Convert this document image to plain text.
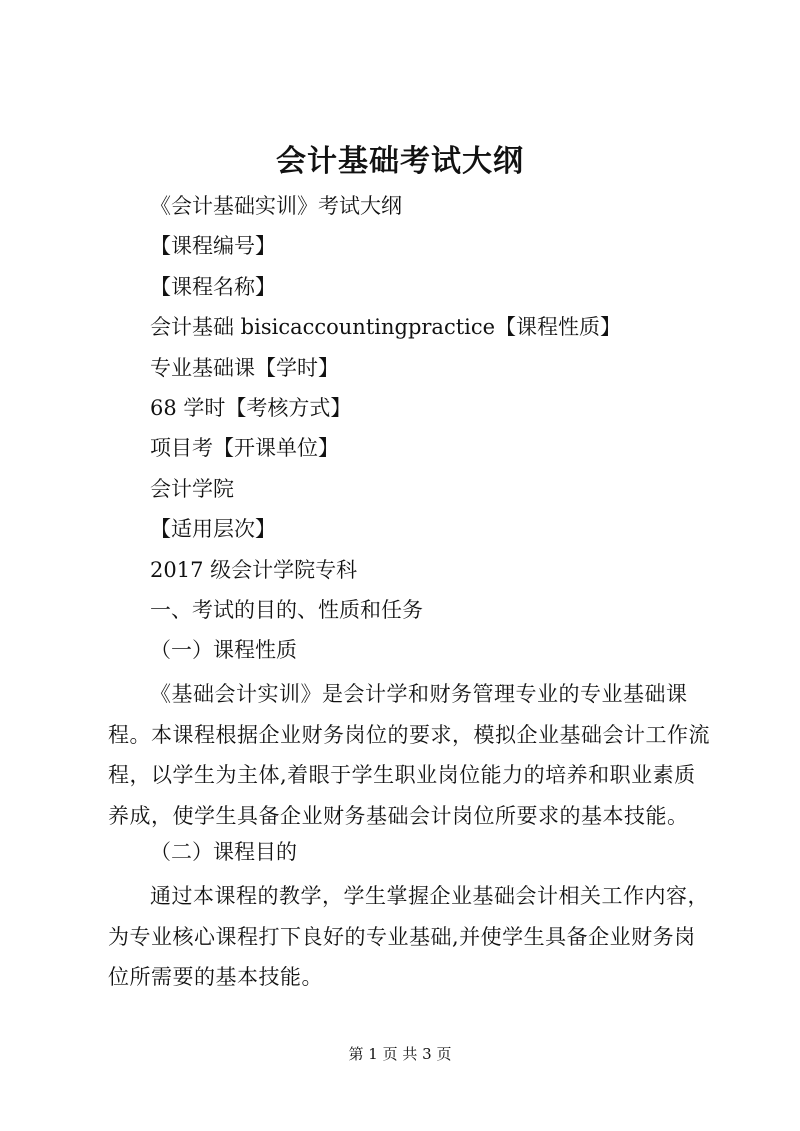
会计基础考试大纲
《会计基础实训》考试大纲
【课程编号】
【课程名称】
会计基础 bisicaccountingpractice【课程性质】
专业基础课【学时】
68 学时【考核方式】
项目考【开课单位】
会计学院
【适用层次】
2017 级会计学院专科
一、考试的目的、性质和任务
（一）课程性质
《基础会计实训》是会计学和财务管理专业的专业基础课程。本课程根据企业财务岗位的要求，模拟企业基础会计工作流程，以学生为主体,着眼于学生职业岗位能力的培养和职业素质养成，使学生具备企业财务基础会计岗位所要求的基本技能。
（二）课程目的
通过本课程的教学，学生掌握企业基础会计相关工作内容，为专业核心课程打下良好的专业基础,并使学生具备企业财务岗位所需要的基本技能。
第 1 页 共 3 页
